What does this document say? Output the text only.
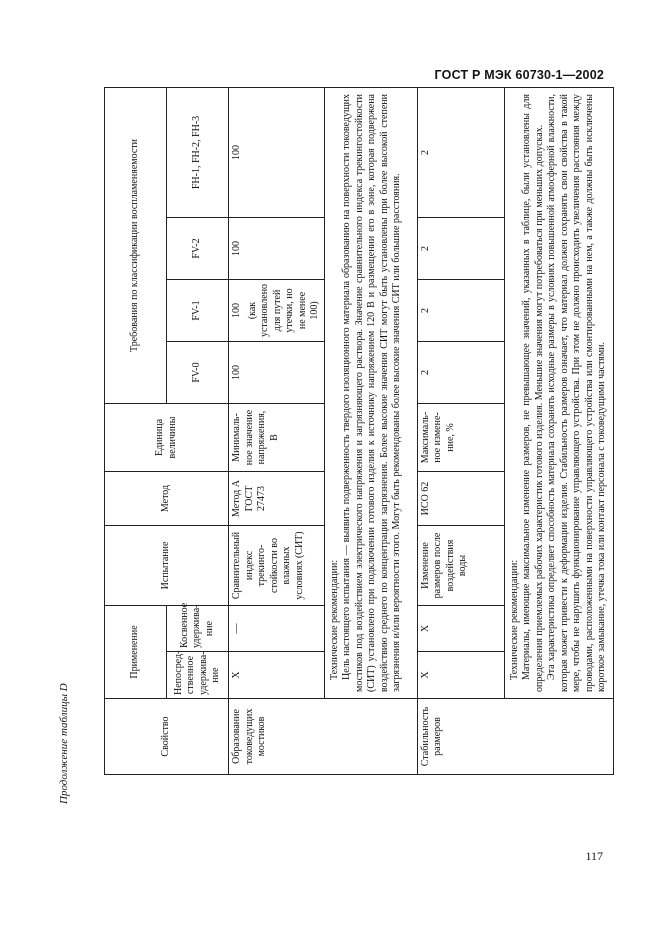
ГОСТ Р МЭК 60730-1—2002
Продолжение таблицы D
117
Свойство	Применение		Испытание	Метод	Единица величины	Требования по классификации воспламеняемости			
	Непосред-ственное удержива-ние	Косвенное удержива-ние				FV-0	FV-1	FV-2	FH-1, FH-2, FH-3
Образование токоведущих мостиков	X	—	Сравнительный индекс трекинго-стойкости во влажных условиях (СИТ)	Метод А ГОСТ 27473	Минималь-ное значение напряжения, В	100	100 (как установлено для путей утечки, но не менее 100)	100	100

	Технические рекомендации: Цель настоящего испытания — выявить подверженность твердого изоляционного материала образованию на поверхности токоведущих мостиков под воздействием электрического напряжения и загрязняющего раствора. Значение сравнительного индекса трекингостойкости (СИТ) установлено при подключении готового изделия к источнику напряжением 120 В и размещении его в зоне, которая подвержена воздействию среднего по концентрации загрязнения. Более высокие значения СИТ могут быть установлены при более высокой степени загрязнения и/или вероятности этого. Могут быть рекомендованы более высокие значения СИТ или большие расстояния.								

Стабильность размеров	X	X	Изменение размеров после воздействия воды	ИСО 62	Максималь-ное измене-ние, %	2	2	2	2

	Технические рекомендации: Материалы, имеющие максимальное изменение размеров, не превышающее значений, указанных в таблице, были установлены для определения приемлемых рабочих характеристик готового изделия. Меньшие значения могут потребоваться при меньших допусках. Эта характеристика определяет способность материала сохранять исходные размеры в условиях повышенной атмосферной влажности, которая может привести к деформации изделия. Стабильность размеров означает, что материал должен сохранять свои свойства в такой мере, чтобы не нарушить функционирование управляющего устройства. При этом не должно происходить увеличения расстояния между проводами, расположенными на поверхности управляющего устройства или смонтированными на нем, а также должны быть исключены короткое замыкание, утечка тока или контакт персонала с токоведущими частями.								
